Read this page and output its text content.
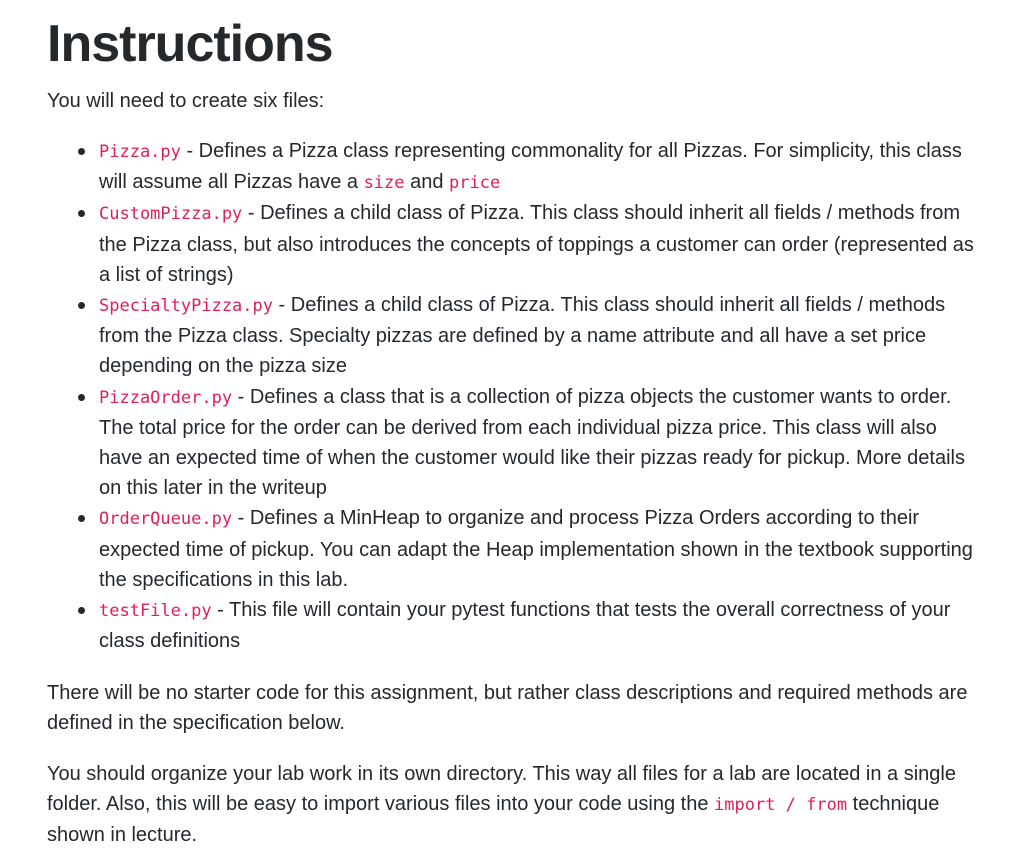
Instructions

You will need to create six files:

Pizza.py - Defines a Pizza class representing commonality for all Pizzas. For simplicity, this class will assume all Pizzas have a size and price
CustomPizza.py - Defines a child class of Pizza. This class should inherit all fields / methods from the Pizza class, but also introduces the concepts of toppings a customer can order (represented as a list of strings)
SpecialtyPizza.py - Defines a child class of Pizza. This class should inherit all fields / methods from the Pizza class. Specialty pizzas are defined by a name attribute and all have a set price depending on the pizza size
PizzaOrder.py - Defines a class that is a collection of pizza objects the customer wants to order. The total price for the order can be derived from each individual pizza price. This class will also have an expected time of when the customer would like their pizzas ready for pickup. More details on this later in the writeup
OrderQueue.py - Defines a MinHeap to organize and process Pizza Orders according to their expected time of pickup. You can adapt the Heap implementation shown in the textbook supporting the specifications in this lab.
testFile.py - This file will contain your pytest functions that tests the overall correctness of your class definitions

There will be no starter code for this assignment, but rather class descriptions and required methods are defined in the specification below.

You should organize your lab work in its own directory. This way all files for a lab are located in a single folder. Also, this will be easy to import various files into your code using the import / from technique shown in lecture.
